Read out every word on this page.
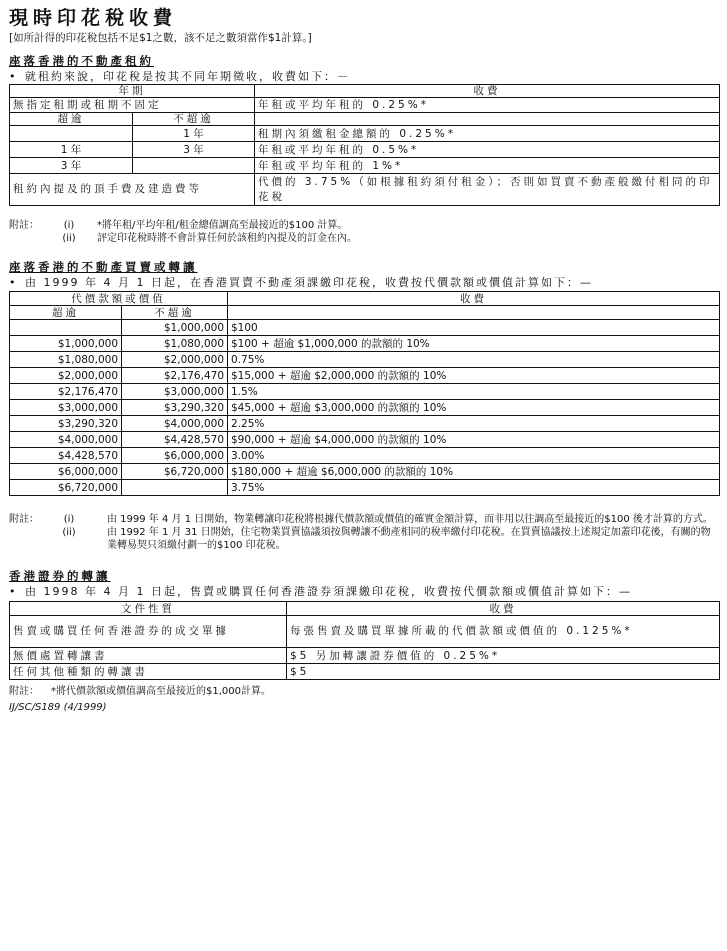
現時印花稅收費

[如所計得的印花稅包括不足$1之數，該不足之數須當作$1計算。]

座落香港的不動產租約

• 就租約來說，印花稅是按其不同年期徵收，收費如下：－
年期		收費
無指定租期或租期不固定		年租或平均年租的 0.25%*
超逾	不超逾	
	1 年	租期內須繳租金總額的 0.25%*
1 年	3 年	年租或平均年租的 0.5%*
3 年		年租或平均年租的 1%*
租約內提及的頂手費及建造費等		代價的 3.75%（如根據租約須付租金）；否則如買賣不動產般繳付相同的印花稅
附註：	(i)	*將年租/平均年租/租金總值調高至最接近的$100 計算。
(ii)	評定印花稅時將不會計算任何於該租約內提及的訂金在內。

座落香港的不動產買賣或轉讓

• 由 1999 年 4 月 1 日起，在香港買賣不動產須課繳印花稅，收費按代價款額或價值計算如下：—
代價款額或價值		收費
超逾	不超逾	
	$1,000,000	$100
$1,000,000	$1,080,000	$100 + 超逾 $1,000,000 的款額的 10%
$1,080,000	$2,000,000	0.75%
$2,000,000	$2,176,470	$15,000 + 超逾 $2,000,000 的款額的 10%
$2,176,470	$3,000,000	1.5%
$3,000,000	$3,290,320	$45,000 + 超逾 $3,000,000 的款額的 10%
$3,290,320	$4,000,000	2.25%
$4,000,000	$4,428,570	$90,000 + 超逾 $4,000,000 的款額的 10%
$4,428,570	$6,000,000	3.00%
$6,000,000	$6,720,000	$180,000 + 超逾 $6,000,000 的款額的 10%
$6,720,000		3.75%
附註：	(i)	由 1999 年 4 月 1 日開始，物業轉讓印花稅將根據代價款額或價值的確實金額計算，而非用以往調高至最接近的$100 後才計算的方式。
(ii)	由 1992 年 1 月 31 日開始，住宅物業買賣協議須按與轉讓不動產相同的稅率繳付印花稅。在買賣協議按上述規定加蓋印花後，有關的物業轉易契只須繳付劃一的$100 印花稅。

香港證券的轉讓

• 由 1998 年 4 月 1 日起，售賣或購買任何香港證券須課繳印花稅，收費按代價款額或價值計算如下：—
文件性質	收費
售賣或購買任何香港證券的成交單據	每張售賣及購買單據所載的代價款額或價值的 0.125%*
無價處置轉讓書	$5 另加轉讓證券價值的 0.25%*
任何其他種類的轉讓書	$5
附註：	*將代價款額或價值調高至最接近的$1,000計算。
IJ/SC/S189 (4/1999)
